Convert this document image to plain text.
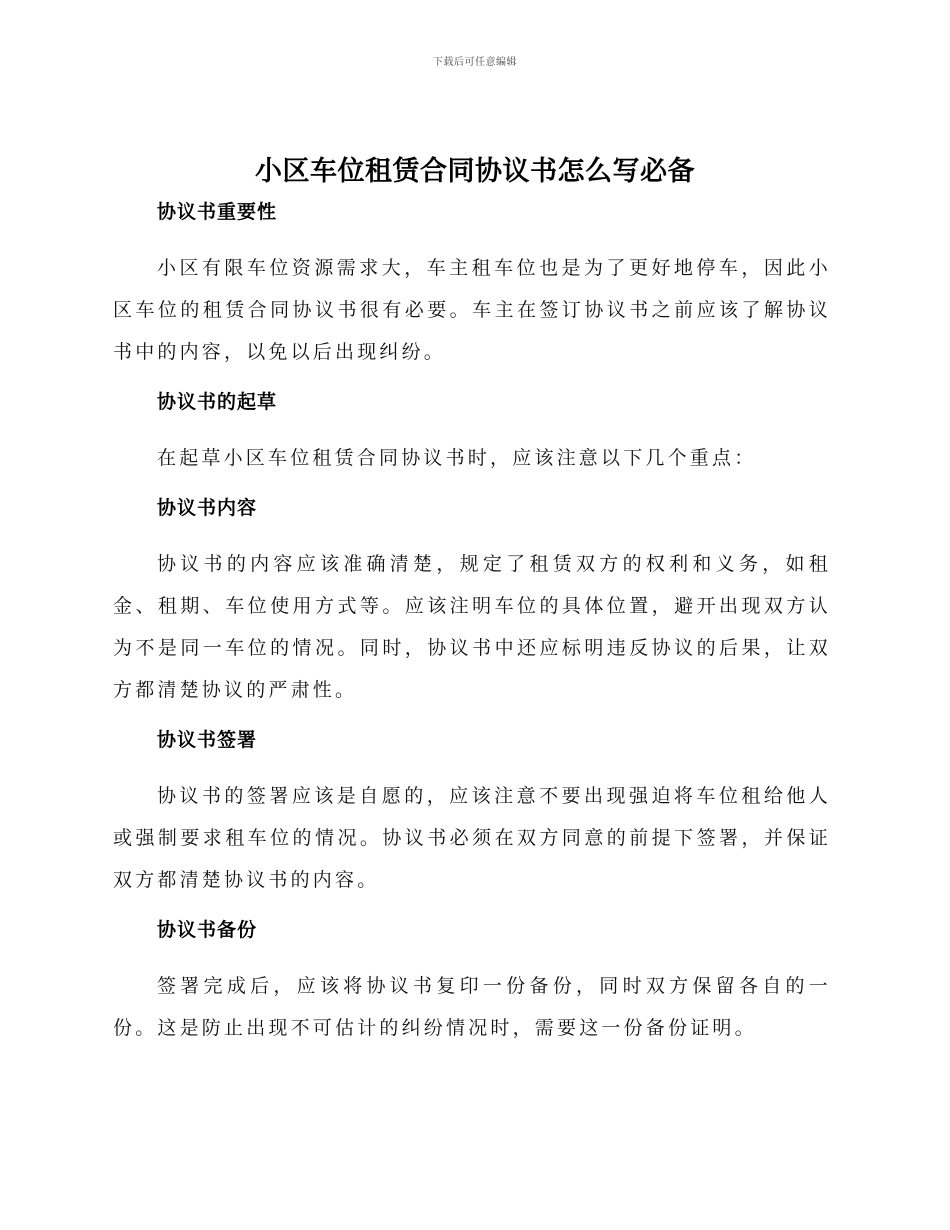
下载后可任意编辑
小区车位租赁合同协议书怎么写必备
协议书重要性

小区有限车位资源需求大，车主租车位也是为了更好地停车，因此小区车位的租赁合同协议书很有必要。车主在签订协议书之前应该了解协议书中的内容，以免以后出现纠纷。

协议书的起草

在起草小区车位租赁合同协议书时，应该注意以下几个重点：

协议书内容

协议书的内容应该准确清楚，规定了租赁双方的权利和义务，如租金、租期、车位使用方式等。应该注明车位的具体位置，避开出现双方认为不是同一车位的情况。同时，协议书中还应标明违反协议的后果，让双方都清楚协议的严肃性。

协议书签署

协议书的签署应该是自愿的，应该注意不要出现强迫将车位租给他人或强制要求租车位的情况。协议书必须在双方同意的前提下签署，并保证双方都清楚协议书的内容。

协议书备份

签署完成后，应该将协议书复印一份备份，同时双方保留各自的一份。这是防止出现不可估计的纠纷情况时，需要这一份备份证明。
